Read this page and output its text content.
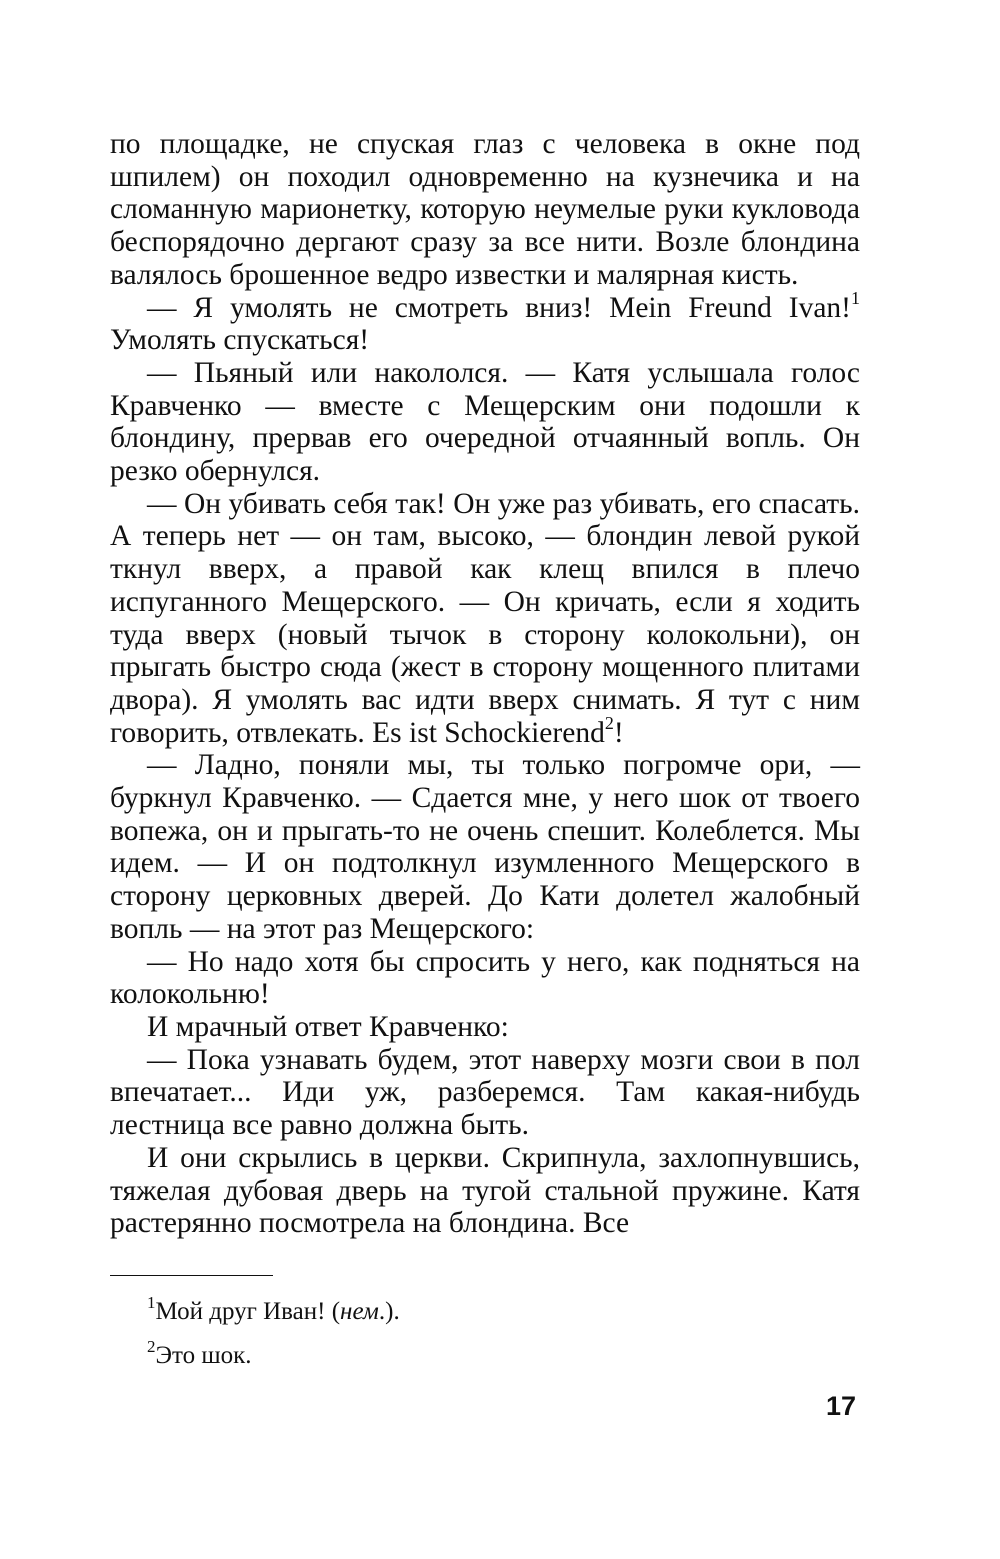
по площадке, не спуская глаз с человека в окне под шпилем) он походил одновременно на кузнечика и на сломанную марионетку, которую неумелые руки кукловода беспорядочно дергают сразу за все нити. Возле блондина валялось брошенное ведро известки и малярная кисть.

— Я умолять не смотреть вниз! Mein Freund Ivan!$^1$ Умолять спускаться!

— Пьяный или накололся. — Катя услышала голос Кравченко — вместе с Мещерским они подошли к блондину, прервав его очередной отчаянный вопль. Он резко обернулся.

— Он убивать себя так! Он уже раз убивать, его спасать. А теперь нет — он там, высоко, — блондин левой рукой ткнул вверх, а правой как клещ впился в плечо испуганного Мещерского. — Он кричать, если я ходить туда вверх (новый тычок в сторону колокольни), он прыгать быстро сюда (жест в сторону мощенного плитами двора). Я умолять вас идти вверх снимать. Я тут с ним говорить, отвлекать. Es ist Schockierend$^2$!

— Ладно, поняли мы, ты только погромче ори, — буркнул Кравченко. — Сдается мне, у него шок от твоего вопежа, он и прыгать-то не очень спешит. Колеблется. Мы идем. — И он подтолкнул изумленного Мещерского в сторону церковных дверей. До Кати долетел жалобный вопль — на этот раз Мещерского:

— Но надо хотя бы спросить у него, как подняться на колокольню!

И мрачный ответ Кравченко:

— Пока узнавать будем, этот наверху мозги свои в пол впечатает... Иди уж, разберемся. Там какая-нибудь лестница все равно должна быть.

И они скрылись в церкви. Скрипнула, захлопнувшись, тяжелая дубовая дверь на тугой стальной пружине. Катя растерянно посмотрела на блондина. Все

$^1$Мой друг Иван! (нем.).

$^2$Это шок.

17
